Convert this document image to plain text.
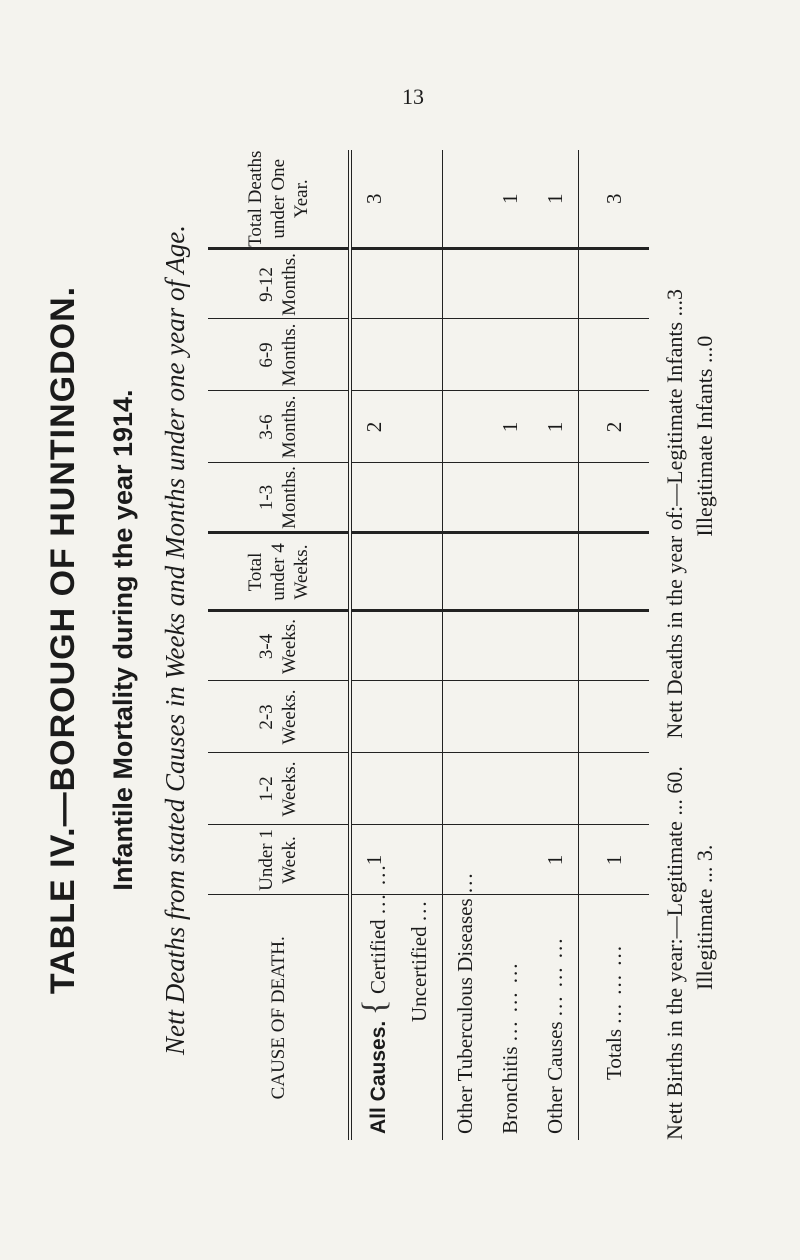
13
TABLE IV.—BOROUGH OF HUNTINGDON. Infantile Mortality during the year 1914. Nett Deaths from stated Causes in Weeks and Months under one year of Age.	CAUSE OF DEATH.	Under 1 Week.	1-2 Weeks.	2-3 Weeks.	3-4 Weeks.	Total under 4 Weeks.	1-3 Months.	3-6 Months.	6-9 Months.	9-12 Months.	Total Deaths under One Year.
All Causes. { Certified ... ...	1						2			3
Uncertified ...										
Other Tuberculous Diseases ...										
Bronchitis ... ... ...							1			1
Other Causes ... ... ...	1						1			1
Totals ... ... ...	1						2			3
Nett Births in the year:—Legitimate ... 60.     Nett Deaths in the year of:—Legitimate Infants ...3 Illegitimate ... 3.                                                        Illegitimate Infants ...0
